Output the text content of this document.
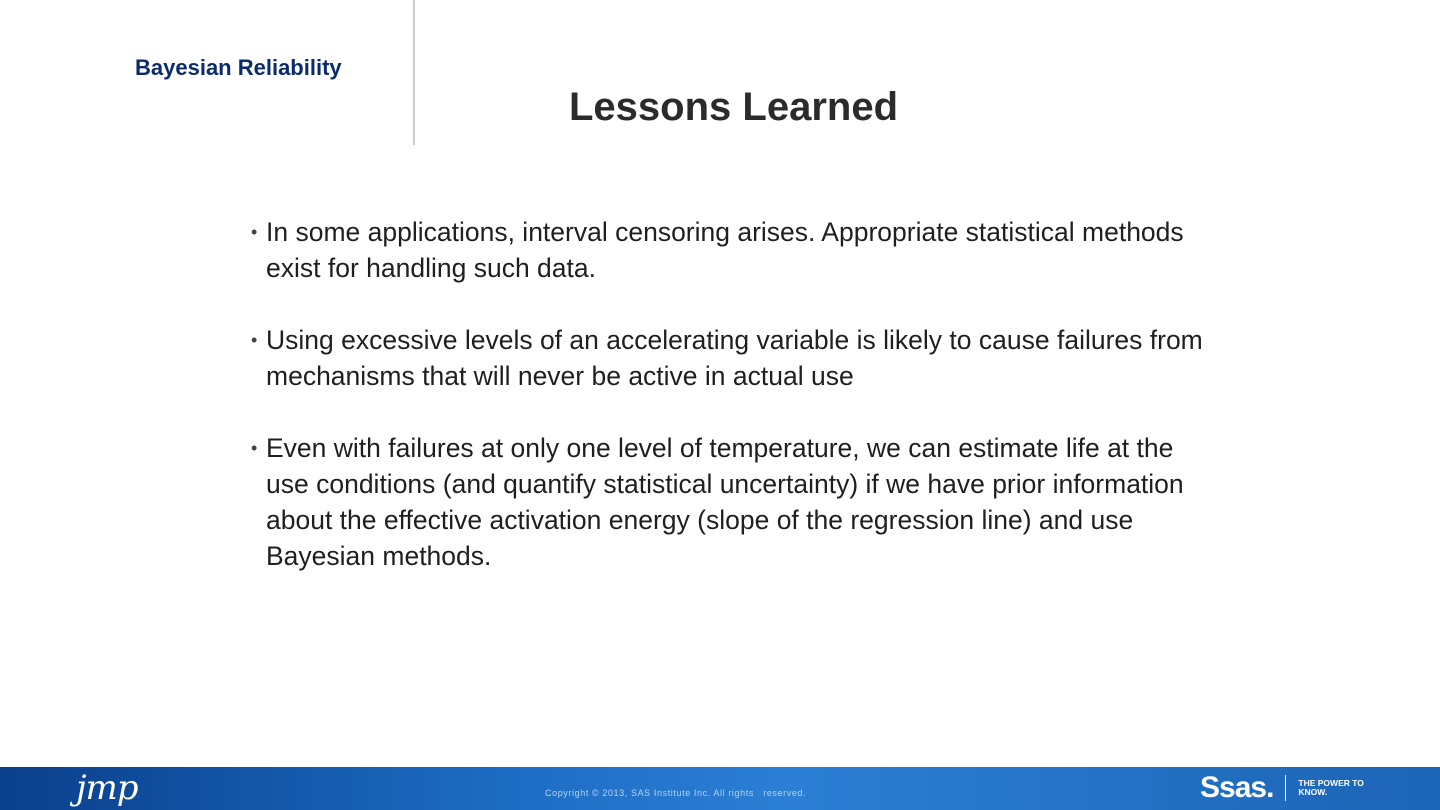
Bayesian Reliability
Lessons Learned
• In some applications, interval censoring arises. Appropriate statistical methods exist for handling such data.
• Using excessive levels of an accelerating variable is likely to cause failures from mechanisms that will never be active in actual use
• Even with failures at only one level of temperature, we can estimate life at the use conditions (and quantify statistical uncertainty) if we have prior information about the effective activation energy (slope of the regression line) and use Bayesian methods.
jmp	Copyright © 2013, SAS Institute Inc. All rights   reserved.	Ssas.	THE POWER TO KNOW.
